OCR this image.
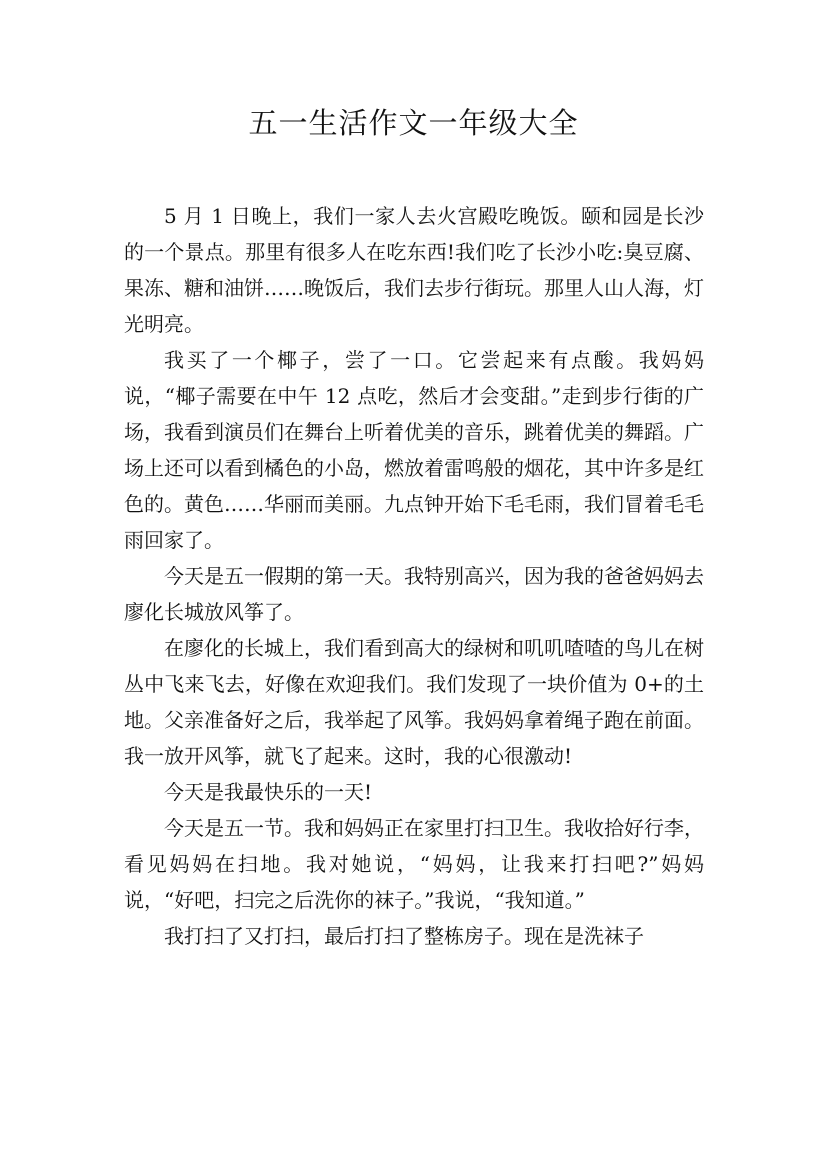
五一生活作文一年级大全

5 月 1 日晚上，我们一家人去火宫殿吃晚饭。颐和园是长沙的一个景点。那里有很多人在吃东西!我们吃了长沙小吃:臭豆腐、果冻、糖和油饼……晚饭后，我们去步行街玩。那里人山人海，灯光明亮。

我买了一个椰子，尝了一口。它尝起来有点酸。我妈妈说，“椰子需要在中午 12 点吃，然后才会变甜。”走到步行街的广场，我看到演员们在舞台上听着优美的音乐，跳着优美的舞蹈。广场上还可以看到橘色的小岛，燃放着雷鸣般的烟花，其中许多是红色的。黄色……华丽而美丽。九点钟开始下毛毛雨，我们冒着毛毛雨回家了。

今天是五一假期的第一天。我特别高兴，因为我的爸爸妈妈去廖化长城放风筝了。

在廖化的长城上，我们看到高大的绿树和叽叽喳喳的鸟儿在树丛中飞来飞去，好像在欢迎我们。我们发现了一块价值为 0+的土地。父亲准备好之后，我举起了风筝。我妈妈拿着绳子跑在前面。我一放开风筝，就飞了起来。这时，我的心很激动!

今天是我最快乐的一天!

今天是五一节。我和妈妈正在家里打扫卫生。我收拾好行李，看见妈妈在扫地。我对她说，“妈妈，让我来打扫吧?”妈妈说，“好吧，扫完之后洗你的袜子。”我说，“我知道。”

我打扫了又打扫，最后打扫了整栋房子。现在是洗袜子
